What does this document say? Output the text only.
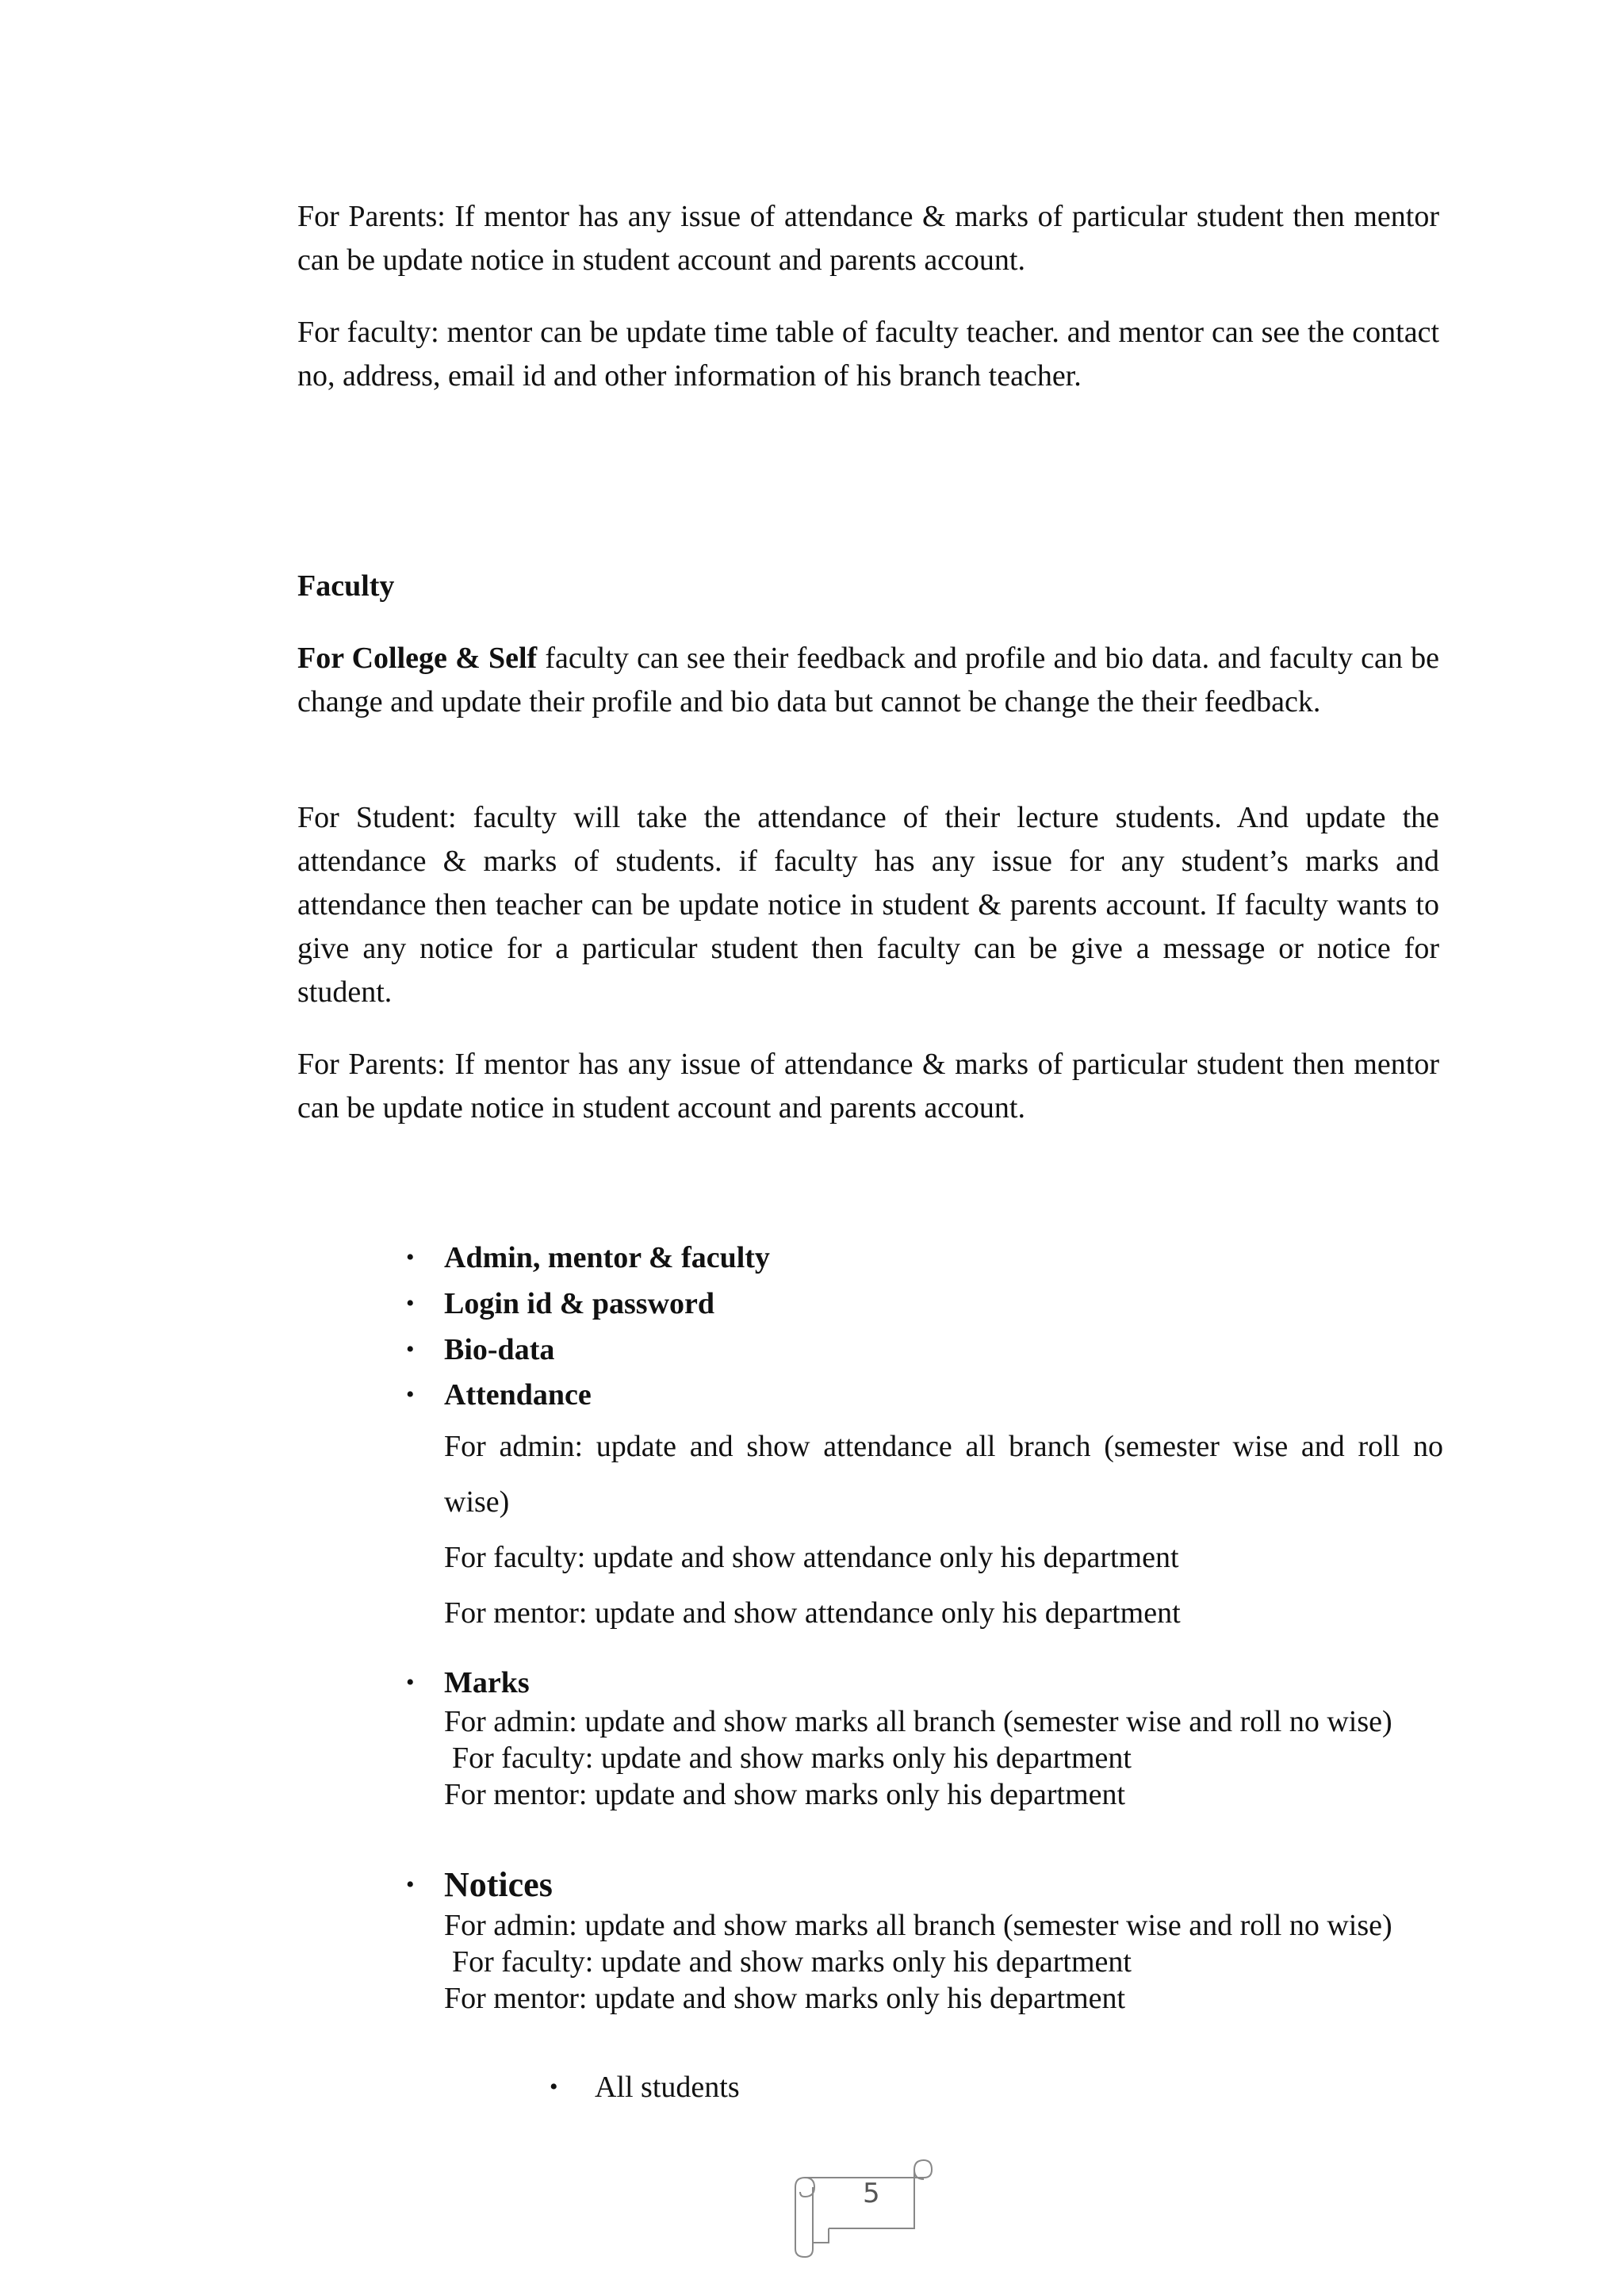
For Parents: If mentor has any issue of attendance & marks of particular student then mentor can be update notice in student account and parents account.

For faculty: mentor can be update time table of faculty teacher. and mentor can see the contact no, address, email id and other information of his branch teacher.

Faculty

For College & Self faculty can see their feedback and profile and bio data. and faculty can be change and update their profile and bio data but cannot be change the their feedback.

For Student: faculty will take the attendance of their lecture students. And update the attendance & marks of students. if faculty has any issue for any student’s marks and attendance then teacher can be update notice in student & parents account. If faculty wants to give any notice for a particular student then faculty can be give a message or notice for student.

For Parents: If mentor has any issue of attendance & marks of particular student then mentor can be update notice in student account and parents account.

• Admin, mentor & faculty
• Login id & password
• Bio-data
• Attendance
For admin: update and show attendance all branch (semester wise and roll no wise)
For faculty: update and show attendance only his department
For mentor: update and show attendance only his department
• Marks
For admin: update and show marks all branch (semester wise and roll no wise)
For faculty: update and show marks only his department
For mentor: update and show marks only his department
• Notices
For admin: update and show marks all branch (semester wise and roll no wise)
For faculty: update and show marks only his department
For mentor: update and show marks only his department
• All students
5
